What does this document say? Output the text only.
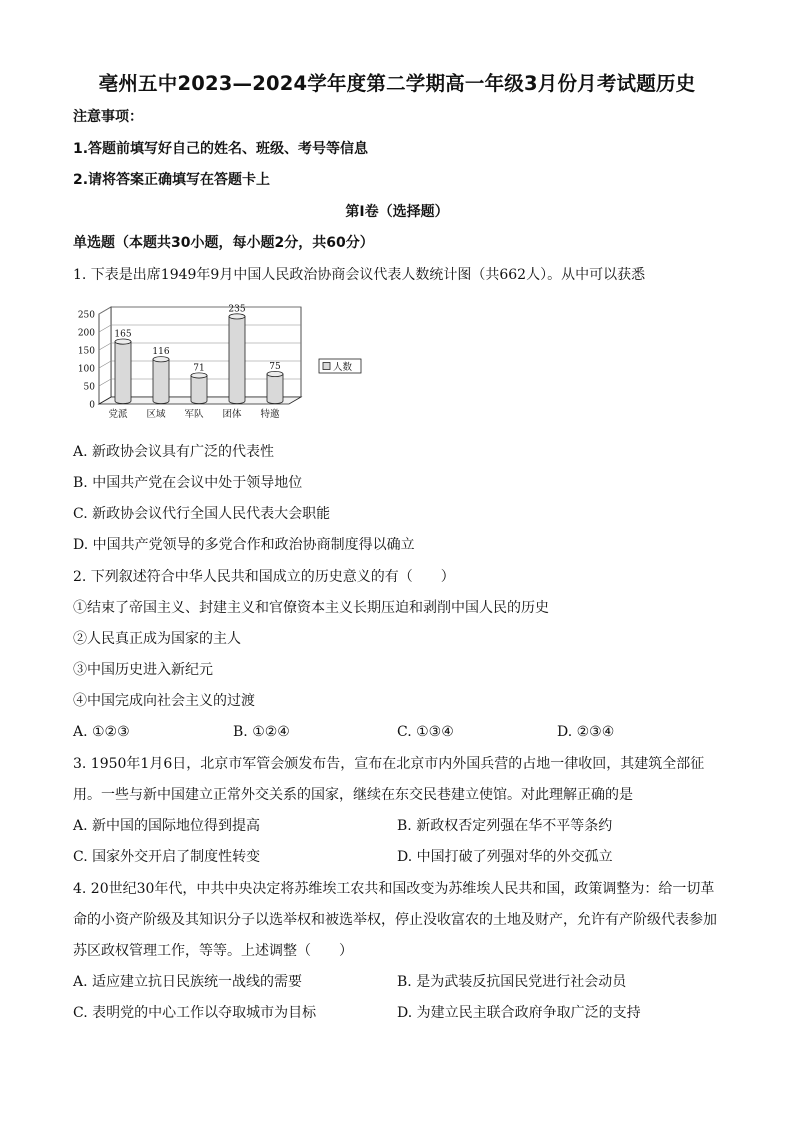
亳州五中2023—2024学年度第二学期高一年级3月份月考试题历史
注意事项：
1.答题前填写好自己的姓名、班级、考号等信息
2.请将答案正确填写在答题卡上
第I卷（选择题）
单选题（本题共30小题，每小题2分，共60分）
1. 下表是出席1949年9月中国人民政治协商会议代表人数统计图（共662人）。从中可以获悉
0
50
100
150
200
250
165
党派
116
区域
71
军队
235
团体
75
特邀
人数
A. 新政协会议具有广泛的代表性
B. 中国共产党在会议中处于领导地位
C. 新政协会议代行全国人民代表大会职能
D. 中国共产党领导的多党合作和政治协商制度得以确立
2. 下列叙述符合中华人民共和国成立的历史意义的有（　　）
①结束了帝国主义、封建主义和官僚资本主义长期压迫和剥削中国人民的历史
②人民真正成为国家的主人
③中国历史进入新纪元
④中国完成向社会主义的过渡
A. ①②③	B. ①②④	C. ①③④	D. ②③④
3. 1950年1月6日，北京市军管会颁发布告，宣布在北京市内外国兵营的占地一律收回，其建筑全部征
用。一些与新中国建立正常外交关系的国家，继续在东交民巷建立使馆。对此理解正确的是
A. 新中国的国际地位得到提高	B. 新政权否定列强在华不平等条约
C. 国家外交开启了制度性转变	D. 中国打破了列强对华的外交孤立
4. 20世纪30年代，中共中央决定将苏维埃工农共和国改变为苏维埃人民共和国，政策调整为：给一切革
命的小资产阶级及其知识分子以选举权和被选举权，停止没收富农的土地及财产，允许有产阶级代表参加
苏区政权管理工作，等等。上述调整（　　）
A. 适应建立抗日民族统一战线的需要	B. 是为武装反抗国民党进行社会动员
C. 表明党的中心工作以夺取城市为目标	D. 为建立民主联合政府争取广泛的支持
